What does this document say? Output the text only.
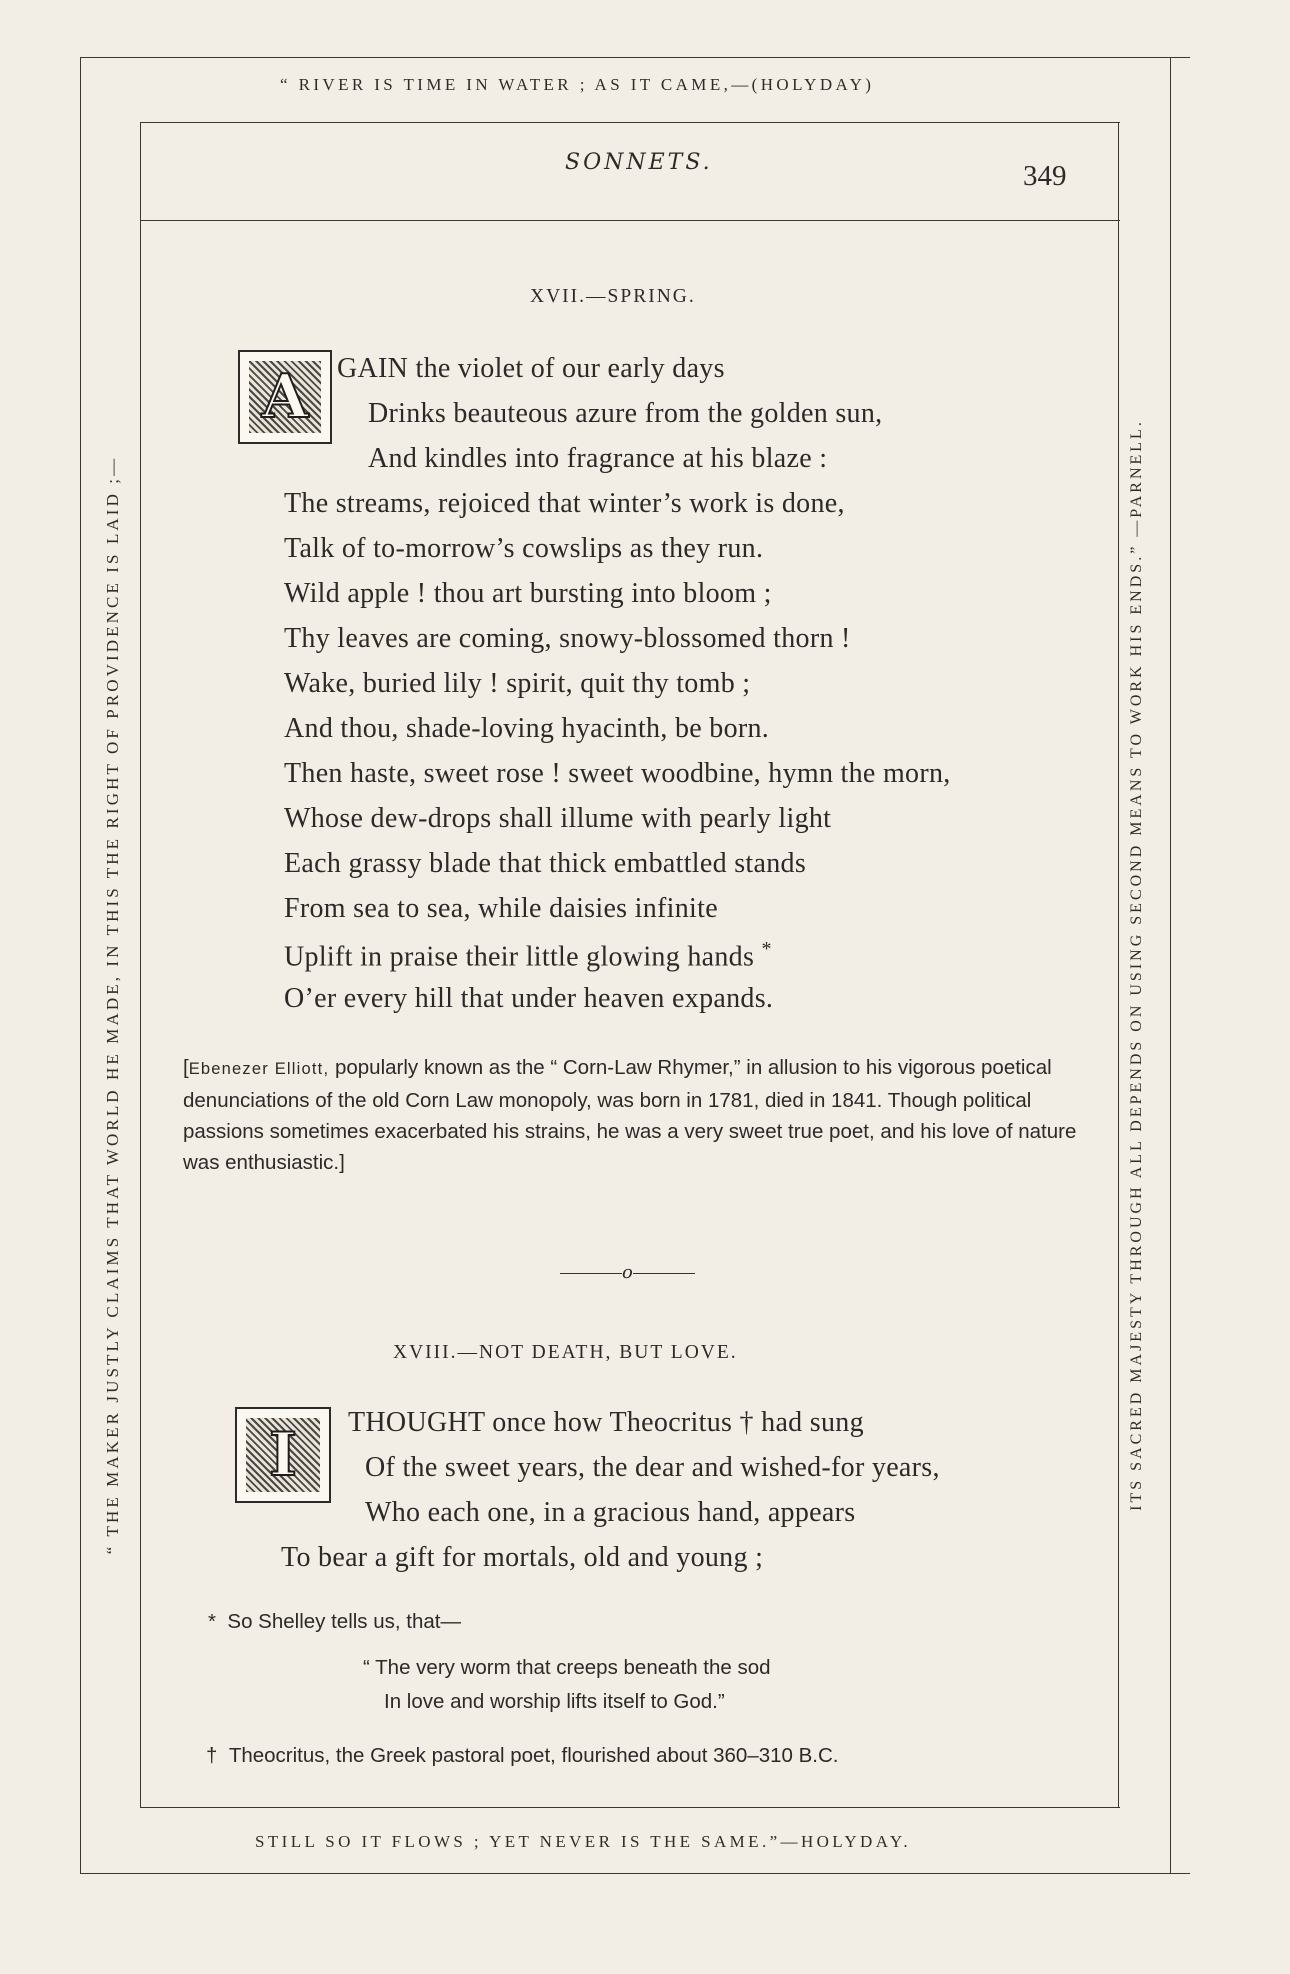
“ RIVER IS TIME IN WATER ; AS IT CAME,—(HOLYDAY)
STILL SO IT FLOWS ; YET NEVER IS THE SAME.”—HOLYDAY.
“ THE MAKER JUSTLY CLAIMS THAT WORLD HE MADE, IN THIS THE RIGHT OF PROVIDENCE IS LAID ;—	ITS SACRED MAJESTY THROUGH ALL DEPENDS ON USING SECOND MEANS TO WORK HIS ENDS.” —PARNELL.
SONNETS.	349
XVII.—SPRING.
A GAIN the violet of our early days
Drinks beauteous azure from the golden sun,
And kindles into fragrance at his blaze :
The streams, rejoiced that winter’s work is done,
Talk of to-morrow’s cowslips as they run.
Wild apple ! thou art bursting into bloom ;
Thy leaves are coming, snowy-blossomed thorn !
Wake, buried lily ! spirit, quit thy tomb ;
And thou, shade-loving hyacinth, be born.
Then haste, sweet rose ! sweet woodbine, hymn the morn,
Whose dew-drops shall illume with pearly light
Each grassy blade that thick embattled stands
From sea to sea, while daisies infinite
Uplift in praise their little glowing hands *
O’er every hill that under heaven expands.
[Ebenezer Elliott, popularly known as the “ Corn-Law Rhymer,” in allusion to his vigorous poetical denunciations of the old Corn Law monopoly, was born in 1781, died in 1841. Though political passions sometimes exacerbated his strains, he was a very sweet true poet, and his love of nature was enthusiastic.]
o
XVIII.—NOT DEATH, BUT LOVE.
I THOUGHT once how Theocritus † had sung
Of the sweet years, the dear and wished-for years,
Who each one, in a gracious hand, appears
To bear a gift for mortals, old and young ;
* So Shelley tells us, that—
“ The very worm that creeps beneath the sod
In love and worship lifts itself to God.”
† Theocritus, the Greek pastoral poet, flourished about 360–310 B.C.
